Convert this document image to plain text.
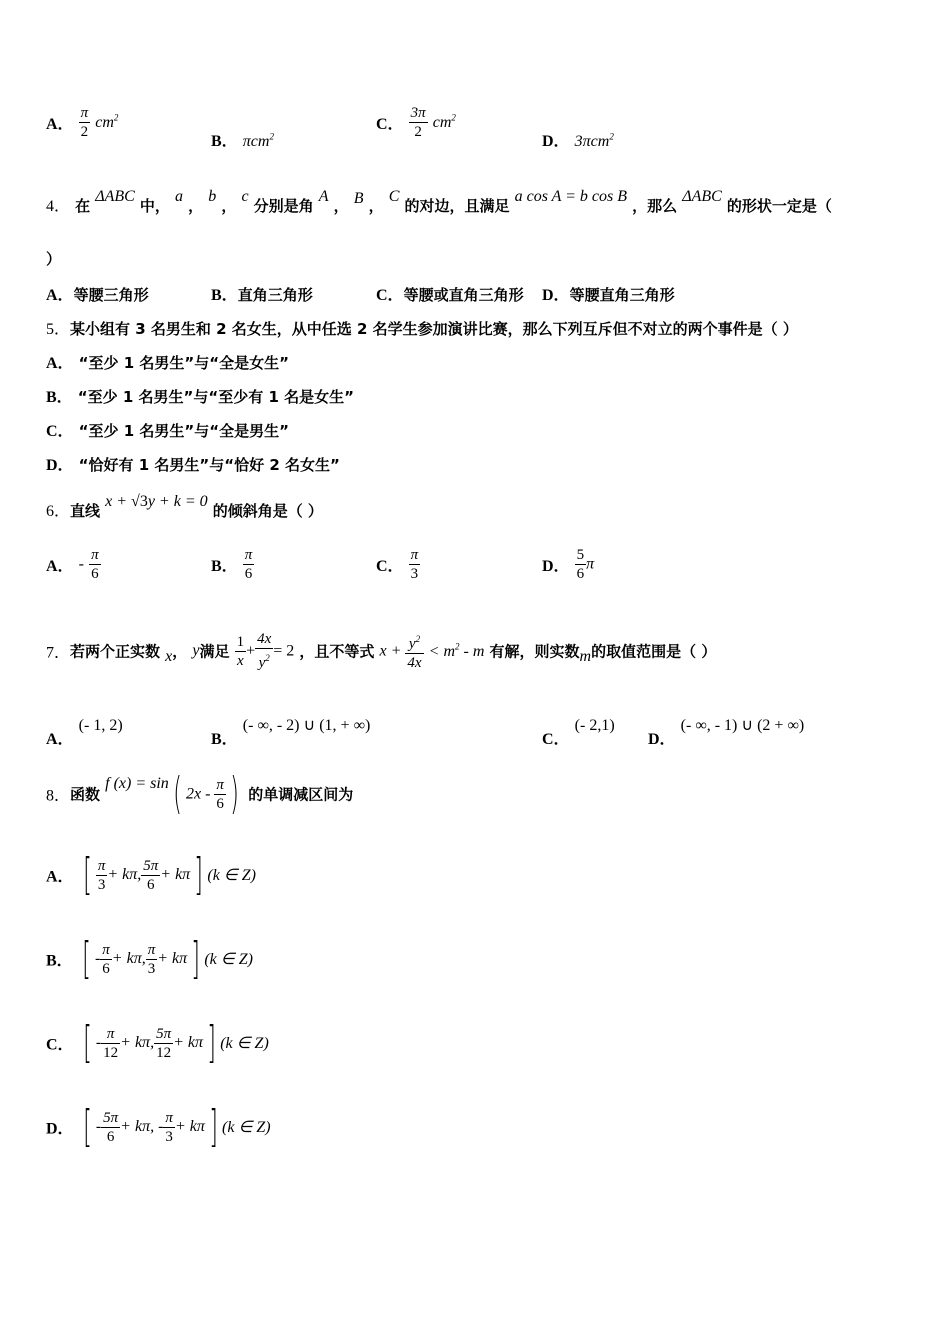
A． $\frac{\pi}{2} cm^2$
B． πcm$^2$
C． $\frac{3\pi}{2} cm^2$
D． 3πcm$^2$
4． 在 ΔABC 中， a ， b ， c 分别是角 A ， B ， C 的对边，且满足 a cos A = b cos B ，那么 ΔABC 的形状一定是（
）
A．等腰三角形	B．直角三角形	C．等腰或直角三角形 D．等腰直角三角形
5．某小组有 3 名男生和 2 名女生，从中任选 2 名学生参加演讲比赛，那么下列互斥但不对立的两个事件是（ ）
A． “至少 1 名男生”与“全是女生”
B． “至少 1 名男生”与“至少有 1 名是女生”
C． “至少 1 名男生”与“全是男生”
D． “恰好有 1 名男生”与“恰好 2 名女生”
6．直线 x + √3y + k = 0 的倾斜角是（ ）
A． - $\frac{\pi}{6}$	B． $\frac{\pi}{6}$	C． $\frac{\pi}{3}$	D． $\frac{5}{6}$ π
7．若两个正实数 x， y满足 $\frac{1}{x} + \frac{4x}{y^2} = 2$ ，且不等式 $x + \frac{y^2}{4x} < m^2 - m$ 有解，则实数m的取值范围是（ ）
A． (- 1, 2)
B． (- ∞, - 2) ∪ (1, + ∞)
C． (- 2,1)
D． (- ∞, - 1) ∪ (2 + ∞)
8．函数 f (x) = sin( $2x - \frac{\pi}{6}$ ) 的单调减区间为
A． [ $\frac{\pi}{3} + k\pi$, $\frac{5\pi}{6} + k\pi$] (k ∈ Z)
B． [ - $\frac{\pi}{6} + k\pi$, $\frac{\pi}{3} + k\pi$] (k ∈ Z)
C． [ - $\frac{\pi}{12} + k\pi$, $\frac{5\pi}{12} + k\pi$] (k ∈ Z)
D． [ - $\frac{5\pi}{6} + k\pi$, - $\frac{\pi}{3} + k\pi$] (k ∈ Z)
